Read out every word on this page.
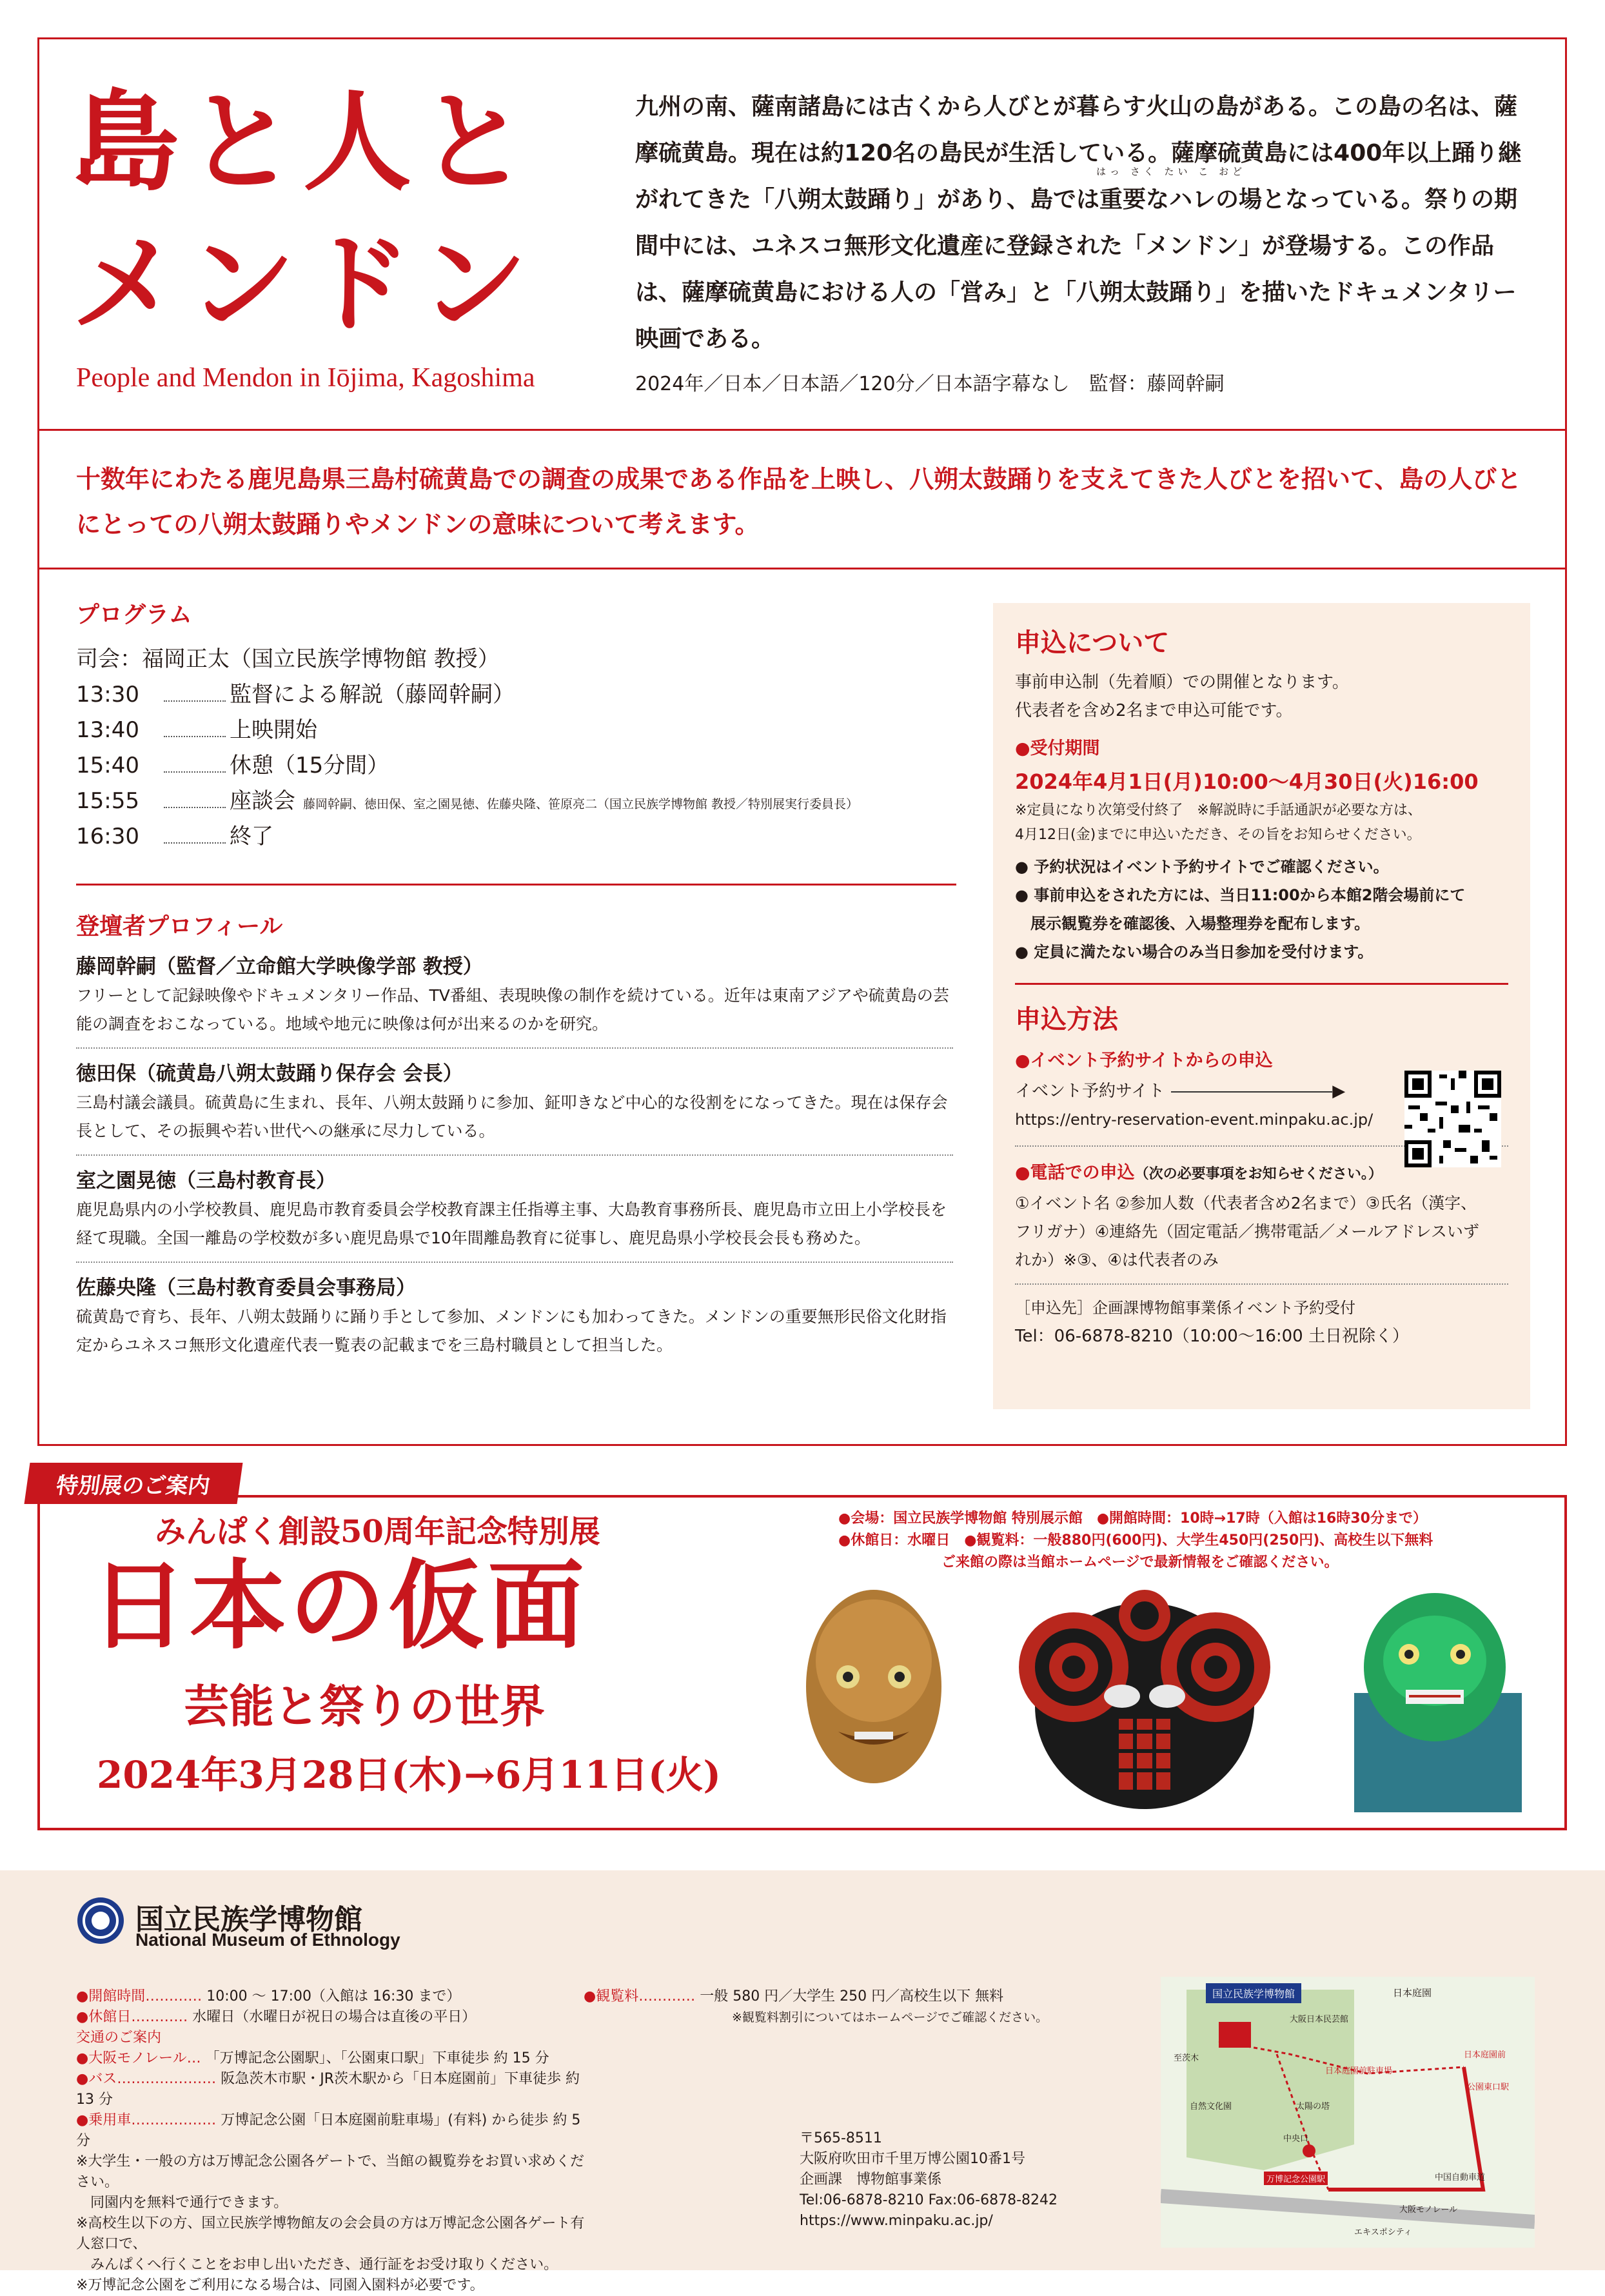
島と人と
メンドン
People and Mendon in Iōjima, Kagoshima
はっ さく たい こ おど
九州の南、薩南諸島には古くから人びとが暮らす火山の島がある。この島の名は、薩摩硫黄島。現在は約120名の島民が生活している。薩摩硫黄島には400年以上踊り継がれてきた「八朔太鼓踊り」があり、島では重要なハレの場となっている。祭りの期間中には、ユネスコ無形文化遺産に登録された「メンドン」が登場する。この作品は、薩摩硫黄島における人の「営み」と「八朔太鼓踊り」を描いたドキュメンタリー映画である。
2024年／日本／日本語／120分／日本語字幕なし　監督：藤岡幹嗣
十数年にわたる鹿児島県三島村硫黄島での調査の成果である作品を上映し、八朔太鼓踊りを支えてきた人びとを招いて、島の人びとにとっての八朔太鼓踊りやメンドンの意味について考えます。
プログラム
司会：福岡正太（国立民族学博物館 教授）
13:30	監督による解説（藤岡幹嗣）
13:40	上映開始
15:40	休憩（15分間）
15:55	座談会 藤岡幹嗣、徳田保、室之園晃徳、佐藤央隆、笹原亮二（国立民族学博物館 教授／特別展実行委員長）
16:30	終了
登壇者プロフィール
藤岡幹嗣（監督／立命館大学映像学部 教授）
フリーとして記録映像やドキュメンタリー作品、TV番組、表現映像の制作を続けている。近年は東南アジアや硫黄島の芸能の調査をおこなっている。地域や地元に映像は何が出来るのかを研究。
徳田保（硫黄島八朔太鼓踊り保存会 会長）
三島村議会議員。硫黄島に生まれ、長年、八朔太鼓踊りに参加、鉦叩きなど中心的な役割をになってきた。現在は保存会長として、その振興や若い世代への継承に尽力している。
室之園晃徳（三島村教育長）
鹿児島県内の小学校教員、鹿児島市教育委員会学校教育課主任指導主事、大島教育事務所長、鹿児島市立田上小学校長を経て現職。全国一離島の学校数が多い鹿児島県で10年間離島教育に従事し、鹿児島県小学校長会長も務めた。
佐藤央隆（三島村教育委員会事務局）
硫黄島で育ち、長年、八朔太鼓踊りに踊り手として参加、メンドンにも加わってきた。メンドンの重要無形民俗文化財指定からユネスコ無形文化遺産代表一覧表の記載までを三島村職員として担当した。
申込について

事前申込制（先着順）での開催となります。

代表者を含め2名まで申込可能です。

●受付期間
2024年4月1日(月)10:00～4月30日(火)16:00
※定員になり次第受付終了　※解説時に手話通訳が必要な方は、
4月12日(金)までに申込いただき、その旨をお知らせください。
● 予約状況はイベント予約サイトでご確認ください。
● 事前申込をされた方には、当日11:00から本館2階会場前にて
　展示観覧券を確認後、入場整理券を配布します。
● 定員に満たない場合のみ当日参加を受付けます。
申込方法
●イベント予約サイトからの申込

イベント予約サイト	▶

https://entry-reservation-event.minpaku.ac.jp/

●電話での申込（次の必要事項をお知らせください。）

①イベント名 ②参加人数（代表者含め2名まで）③氏名（漢字、

フリガナ）④連絡先（固定電話／携帯電話／メールアドレスいず

れか）※③、④は代表者のみ

［申込先］企画課博物館事業係イベント予約受付

Tel：06-6878-8210（10:00～16:00 土日祝除く）

特別展のご案内
みんぱく創設50周年記念特別展
日本の仮面
芸能と祭りの世界
2024年3月28日(木)→6月11日(火)
●会場：国立民族学博物館 特別展示館　●開館時間：10時→17時（入館は16時30分まで）
●休館日：水曜日　●観覧料：一般880円(600円)、大学生450円(250円)、高校生以下無料
ご来館の際は当館ホームページで最新情報をご確認ください。
国立民族学博物館
National Museum of Ethnology
●開館時間………… 10:00 ～ 17:00（入館は 16:30 まで）
●休館日………… 水曜日（水曜日が祝日の場合は直後の平日）
交通のご案内
●大阪モノレール… 「万博記念公園駅」、「公園東口駅」下車徒歩 約 15 分
●バス………………… 阪急茨木市駅・JR茨木駅から「日本庭園前」下車徒歩 約 13 分
●乗用車……………… 万博記念公園「日本庭園前駐車場」(有料) から徒歩 約 5 分
※大学生・一般の方は万博記念公園各ゲートで、当館の観覧券をお買い求めください。
　同園内を無料で通行できます。
※高校生以下の方、国立民族学博物館友の会会員の方は万博記念公園各ゲート有人窓口で、
　みんぱくへ行くことをお申し出いただき、通行証をお受け取りください。
※万博記念公園をご利用になる場合は、同園入園料が必要です。
●観覧料………… 一般 580 円／大学生 250 円／高校生以下 無料
※観覧料割引についてはホームページでご確認ください。
〒565-8511
大阪府吹田市千里万博公園10番1号
企画課　博物館事業係
Tel:06-6878-8210 Fax:06-6878-8242
https://www.minpaku.ac.jp/
国立民族学博物館	日本庭園
大阪日本民芸館
至茨木	日本庭園前
日本庭園前駐車場
公園東口駅
太陽の塔
自然文化園
中央口
万博記念公園駅	中国自動車道
大阪モノレール
エキスポシティ
